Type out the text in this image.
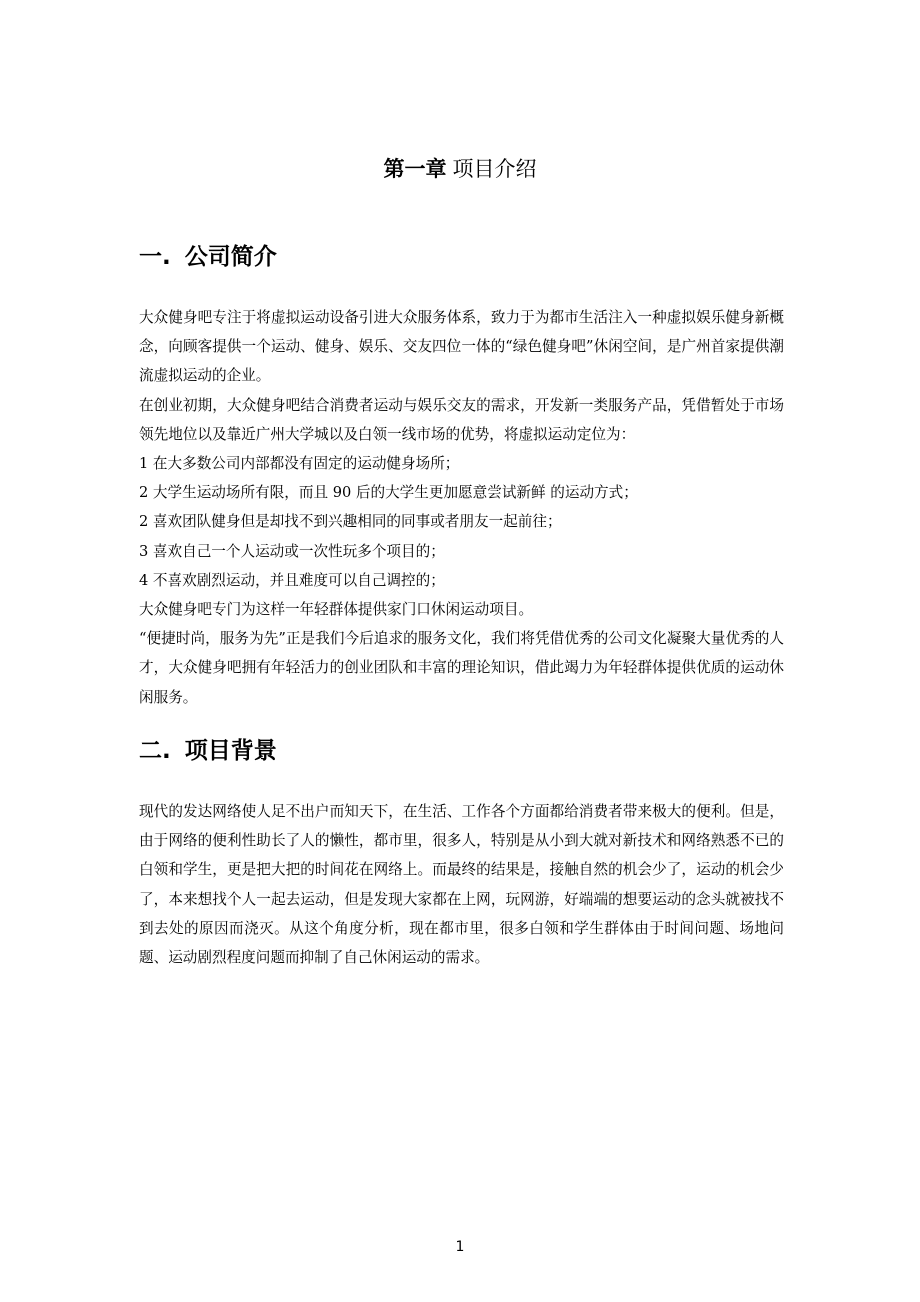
第一章 项目介绍
一. 公司简介

大众健身吧专注于将虚拟运动设备引进大众服务体系，致力于为都市生活注入一种虚拟娱乐健身新概念，向顾客提供一个运动、健身、娱乐、交友四位一体的“绿色健身吧”休闲空间，是广州首家提供潮流虚拟运动的企业。

在创业初期，大众健身吧结合消费者运动与娱乐交友的需求，开发新一类服务产品，凭借暂处于市场领先地位以及靠近广州大学城以及白领一线市场的优势，将虚拟运动定位为：

1 在大多数公司内部都没有固定的运动健身场所；

2 大学生运动场所有限，而且 90 后的大学生更加愿意尝试新鲜 的运动方式；

2 喜欢团队健身但是却找不到兴趣相同的同事或者朋友一起前往；

3 喜欢自己一个人运动或一次性玩多个项目的；

4 不喜欢剧烈运动，并且难度可以自己调控的；

大众健身吧专门为这样一年轻群体提供家门口休闲运动项目。

“便捷时尚，服务为先”正是我们今后追求的服务文化，我们将凭借优秀的公司文化凝聚大量优秀的人才，大众健身吧拥有年轻活力的创业团队和丰富的理论知识，借此竭力为年轻群体提供优质的运动休闲服务。

二. 项目背景

现代的发达网络使人足不出户而知天下，在生活、工作各个方面都给消费者带来极大的便利。但是，由于网络的便利性助长了人的懒性，都市里，很多人，特别是从小到大就对新技术和网络熟悉不已的白领和学生，更是把大把的时间花在网络上。而最终的结果是，接触自然的机会少了，运动的机会少了，本来想找个人一起去运动，但是发现大家都在上网，玩网游，好端端的想要运动的念头就被找不到去处的原因而浇灭。从这个角度分析，现在都市里，很多白领和学生群体由于时间问题、场地问题、运动剧烈程度问题而抑制了自己休闲运动的需求。

1
